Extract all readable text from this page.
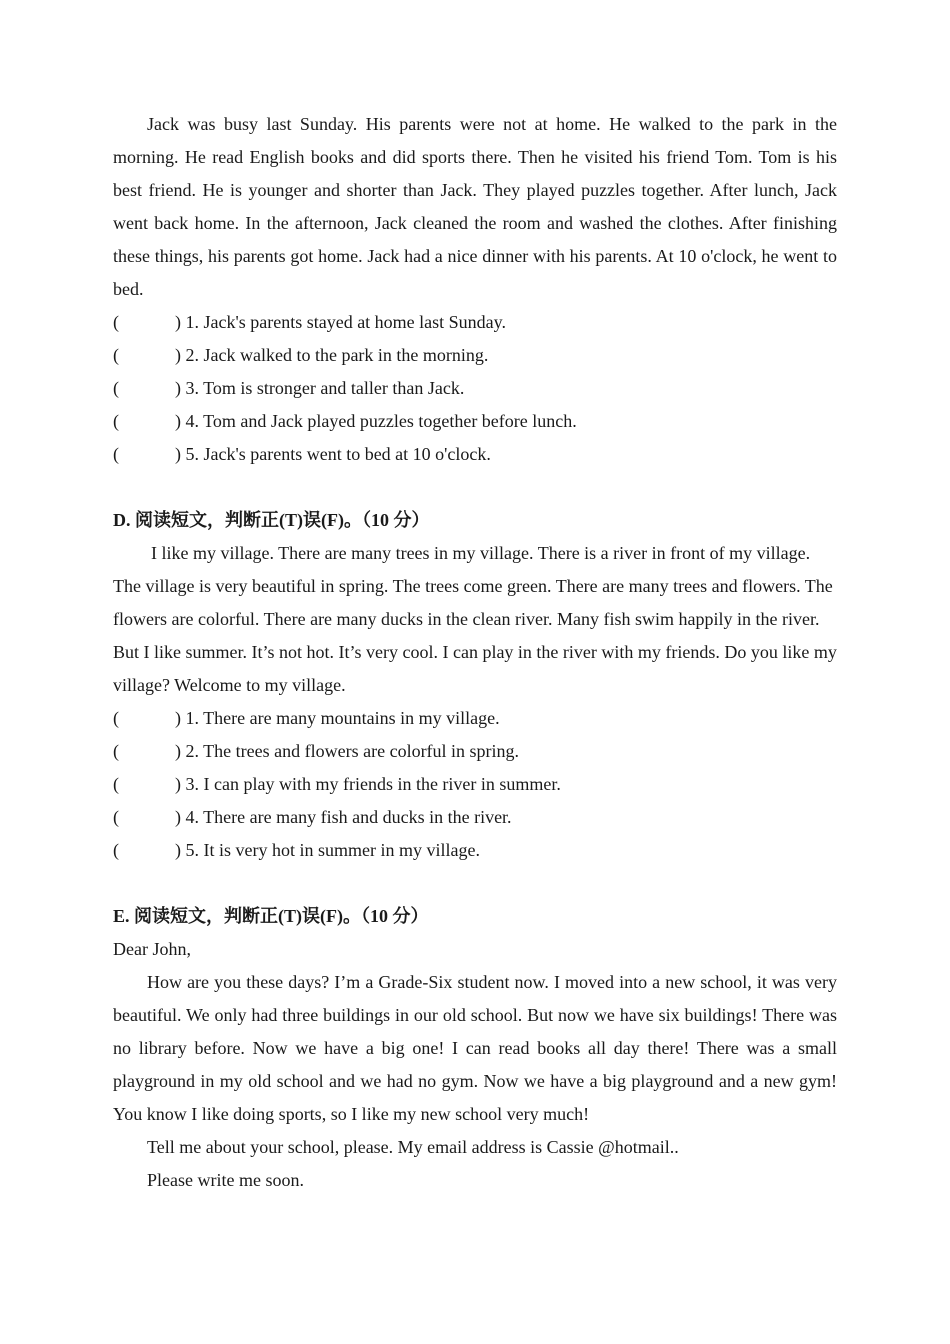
Jack was busy last Sunday. His parents were not at home. He walked to the park in the morning. He read English books and did sports there. Then he visited his friend Tom. Tom is his best friend. He is younger and shorter than Jack. They played puzzles together. After lunch, Jack went back home. In the afternoon, Jack cleaned the room and washed the clothes. After finishing these things, his parents got home. Jack had a nice dinner with his parents. At 10 o'clock, he went to bed.

(	) 1. Jack's parents stayed at home last Sunday.

(	) 2. Jack walked to the park in the morning.

(	) 3. Tom is stronger and taller than Jack.

(	) 4. Tom and Jack played puzzles together before lunch.

(	) 5. Jack's parents went to bed at 10 o'clock.

D. 阅读短文，判断正(T)误(F)。（10 分）

I like my village. There are many trees in my village. There is a river in front of my village. The village is very beautiful in spring. The trees come green. There are many trees and flowers. The flowers are colorful. There are many ducks in the clean river. Many fish swim happily in the river. But I like summer. It’s not hot. It’s very cool. I can play in the river with my friends. Do you like my village? Welcome to my village.

(	) 1. There are many mountains in my village.

(	) 2. The trees and flowers are colorful in spring.

(	) 3. I can play with my friends in the river in summer.

(	) 4. There are many fish and ducks in the river.

(	) 5. It is very hot in summer in my village.

E. 阅读短文，判断正(T)误(F)。（10 分）

Dear John,

How are you these days? I’m a Grade-Six student now. I moved into a new school, it was very beautiful. We only had three buildings in our old school. But now we have six buildings! There was no library before. Now we have a big one! I can read books all day there! There was a small playground in my old school and we had no gym. Now we have a big playground and a new gym! You know I like doing sports, so I like my new school very much!

Tell me about your school, please. My email address is Cassie @hotmail..

Please write me soon.
